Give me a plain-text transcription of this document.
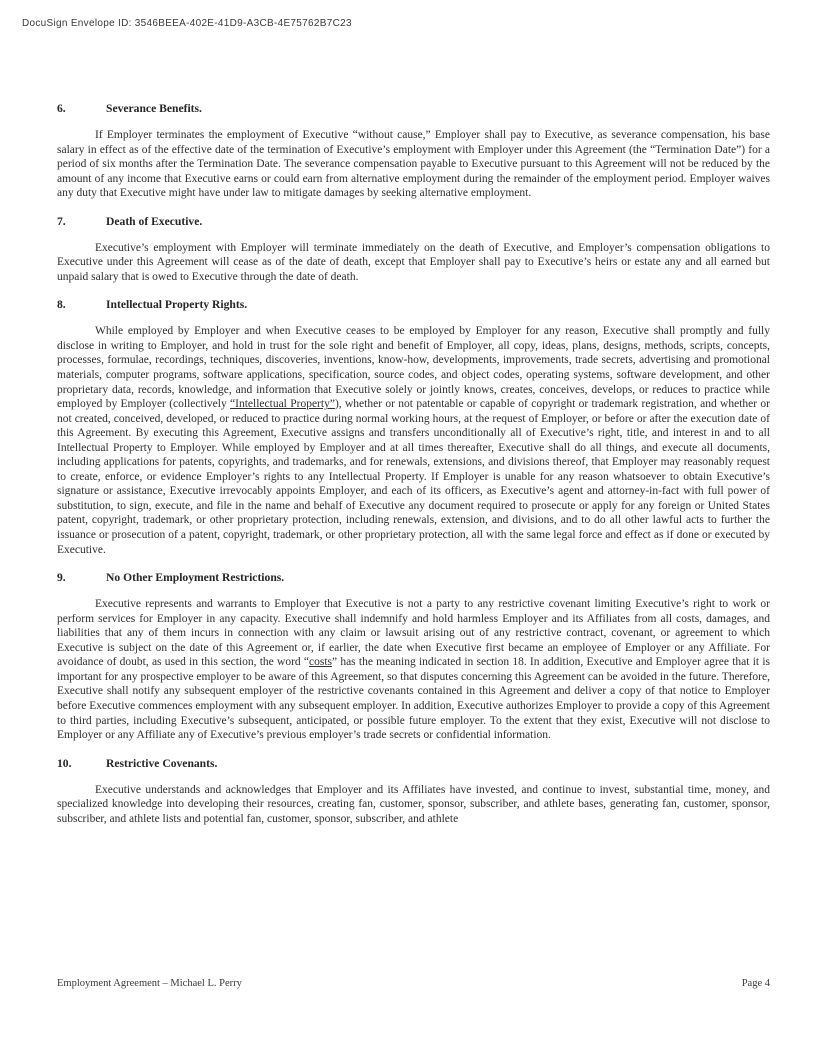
DocuSign Envelope ID: 3546BEEA-402E-41D9-A3CB-4E75762B7C23
6.	Severance Benefits.

If Employer terminates the employment of Executive “without cause,” Employer shall pay to Executive, as severance compensation, his base salary in effect as of the effective date of the termination of Executive’s employment with Employer under this Agreement (the “Termination Date”) for a period of six months after the Termination Date. The severance compensation payable to Executive pursuant to this Agreement will not be reduced by the amount of any income that Executive earns or could earn from alternative employment during the remainder of the employment period. Employer waives any duty that Executive might have under law to mitigate damages by seeking alternative employment.

7.	Death of Executive.

Executive’s employment with Employer will terminate immediately on the death of Executive, and Employer’s compensation obligations to Executive under this Agreement will cease as of the date of death, except that Employer shall pay to Executive’s heirs or estate any and all earned but unpaid salary that is owed to Executive through the date of death.

8.	Intellectual Property Rights.

While employed by Employer and when Executive ceases to be employed by Employer for any reason, Executive shall promptly and fully disclose in writing to Employer, and hold in trust for the sole right and benefit of Employer, all copy, ideas, plans, designs, methods, scripts, concepts, processes, formulae, recordings, techniques, discoveries, inventions, know-how, developments, improvements, trade secrets, advertising and promotional materials, computer programs, software applications, specification, source codes, and object codes, operating systems, software development, and other proprietary data, records, knowledge, and information that Executive solely or jointly knows, creates, conceives, develops, or reduces to practice while employed by Employer (collectively “Intellectual Property”), whether or not patentable or capable of copyright or trademark registration, and whether or not created, conceived, developed, or reduced to practice during normal working hours, at the request of Employer, or before or after the execution date of this Agreement. By executing this Agreement, Executive assigns and transfers unconditionally all of Executive’s right, title, and interest in and to all Intellectual Property to Employer. While employed by Employer and at all times thereafter, Executive shall do all things, and execute all documents, including applications for patents, copyrights, and trademarks, and for renewals, extensions, and divisions thereof, that Employer may reasonably request to create, enforce, or evidence Employer’s rights to any Intellectual Property. If Employer is unable for any reason whatsoever to obtain Executive’s signature or assistance, Executive irrevocably appoints Employer, and each of its officers, as Executive’s agent and attorney-in-fact with full power of substitution, to sign, execute, and file in the name and behalf of Executive any document required to prosecute or apply for any foreign or United States patent, copyright, trademark, or other proprietary protection, including renewals, extension, and divisions, and to do all other lawful acts to further the issuance or prosecution of a patent, copyright, trademark, or other proprietary protection, all with the same legal force and effect as if done or executed by Executive.

9.	No Other Employment Restrictions.

Executive represents and warrants to Employer that Executive is not a party to any restrictive covenant limiting Executive’s right to work or perform services for Employer in any capacity. Executive shall indemnify and hold harmless Employer and its Affiliates from all costs, damages, and liabilities that any of them incurs in connection with any claim or lawsuit arising out of any restrictive contract, covenant, or agreement to which Executive is subject on the date of this Agreement or, if earlier, the date when Executive first became an employee of Employer or any Affiliate. For avoidance of doubt, as used in this section, the word “costs” has the meaning indicated in section 18. In addition, Executive and Employer agree that it is important for any prospective employer to be aware of this Agreement, so that disputes concerning this Agreement can be avoided in the future. Therefore, Executive shall notify any subsequent employer of the restrictive covenants contained in this Agreement and deliver a copy of that notice to Employer before Executive commences employment with any subsequent employer. In addition, Executive authorizes Employer to provide a copy of this Agreement to third parties, including Executive’s subsequent, anticipated, or possible future employer. To the extent that they exist, Executive will not disclose to Employer or any Affiliate any of Executive’s previous employer’s trade secrets or confidential information.

10.	Restrictive Covenants.

Executive understands and acknowledges that Employer and its Affiliates have invested, and continue to invest, substantial time, money, and specialized knowledge into developing their resources, creating fan, customer, sponsor, subscriber, and athlete bases, generating fan, customer, sponsor, subscriber, and athlete lists and potential fan, customer, sponsor, subscriber, and athlete

Employment Agreement – Michael L. Perry	Page 4
